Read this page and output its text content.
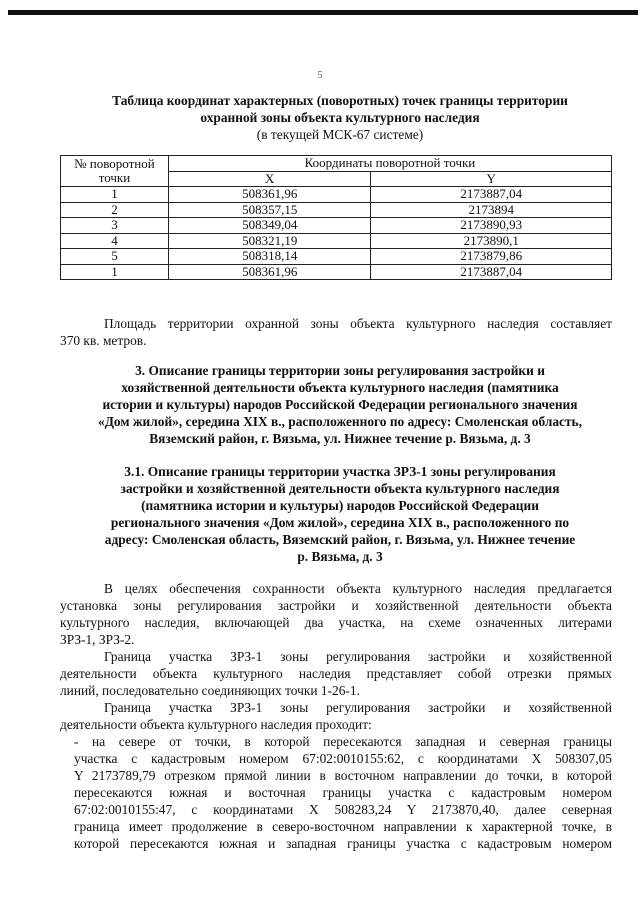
5
Таблица координат характерных (поворотных) точек границы территории
охранной зоны объекта культурного наследия
(в текущей МСК-67 системе)
№ поворотной
точки	Координаты поворотной точки	
	X	Y
1	508361,96	2173887,04
2	508357,15	2173894
3	508349,04	2173890,93
4	508321,19	2173890,1
5	508318,14	2173879,86
1	508361,96	2173887,04
Площадь территории охранной зоны объекта культурного наследия составляет
370 кв. метров.
3. Описание границы территории зоны регулирования застройки и
хозяйственной деятельности объекта культурного наследия (памятника
истории и культуры) народов Российской Федерации регионального значения
«Дом жилой», середина XIX в., расположенного по адресу: Смоленская область,
Вяземский район, г. Вязьма, ул. Нижнее течение р. Вязьма, д. 3
3.1. Описание границы территории участка ЗРЗ-1 зоны регулирования
застройки и хозяйственной деятельности объекта культурного наследия
(памятника истории и культуры) народов Российской Федерации
регионального значения «Дом жилой», середина XIX в., расположенного по
адресу: Смоленская область, Вяземский район, г. Вязьма, ул. Нижнее течение
р. Вязьма, д. 3
В целях обеспечения сохранности объекта культурного наследия предлагается
установка зоны регулирования застройки и хозяйственной деятельности объекта
культурного наследия, включающей два участка, на схеме означенных литерами
ЗРЗ-1, ЗРЗ-2.
Граница участка ЗРЗ-1 зоны регулирования застройки и хозяйственной
деятельности объекта культурного наследия представляет собой отрезки прямых
линий, последовательно соединяющих точки 1-26-1.
Граница участка ЗРЗ-1 зоны регулирования застройки и хозяйственной
деятельности объекта культурного наследия проходит:
- на севере от точки, в которой пересекаются западная и северная границы
участка с кадастровым номером 67:02:0010155:62, с координатами X 508307,05
Y 2173789,79 отрезком прямой линии в восточном направлении до точки, в которой
пересекаются южная и восточная границы участка с кадастровым номером
67:02:0010155:47, с координатами X 508283,24 Y 2173870,40, далее северная
граница имеет продолжение в северо-восточном направлении к характерной точке, в
которой пересекаются южная и западная границы участка с кадастровым номером
